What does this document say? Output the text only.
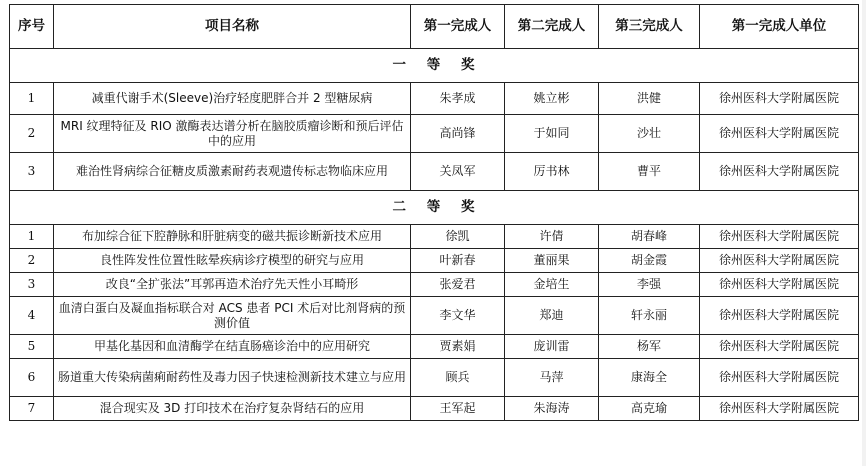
序号	项目名称	第一完成人	第二完成人	第三完成人	第一完成人单位
一 等 奖					
1	减重代谢手术(Sleeve)治疗轻度肥胖合并 2 型糖尿病	朱孝成	姚立彬	洪健	徐州医科大学附属医院
2	MRI 纹理特征及 RIO 激酶表达谱分析在脑胶质瘤诊断和预后评估中的应用	高尚锋	于如同	沙壮	徐州医科大学附属医院
3	难治性肾病综合征糖皮质激素耐药表观遗传标志物临床应用	关凤军	厉书林	曹平	徐州医科大学附属医院
二 等 奖					
1	布加综合征下腔静脉和肝脏病变的磁共振诊断新技术应用	徐凯	许倩	胡春峰	徐州医科大学附属医院
2	良性阵发性位置性眩晕疾病诊疗模型的研究与应用	叶新春	董丽果	胡金霞	徐州医科大学附属医院
3	改良“全扩张法”耳郭再造术治疗先天性小耳畸形	张爱君	金培生	李强	徐州医科大学附属医院
4	血清白蛋白及凝血指标联合对 ACS 患者 PCI 术后对比剂肾病的预测价值	李文华	郑迪	轩永丽	徐州医科大学附属医院
5	甲基化基因和血清酶学在结直肠癌诊治中的应用研究	贾素娟	庞训雷	杨军	徐州医科大学附属医院
6	肠道重大传染病菌痢耐药性及毒力因子快速检测新技术建立与应用	顾兵	马萍	康海全	徐州医科大学附属医院
7	混合现实及 3D 打印技术在治疗复杂肾结石的应用	王军起	朱海涛	高克瑜	徐州医科大学附属医院
